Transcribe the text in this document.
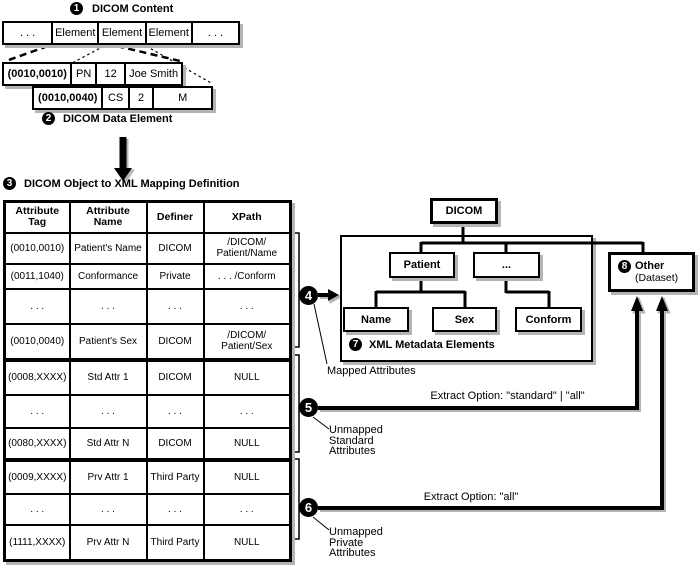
1	DICOM Content
. . .	Element Element Element	. . .
(0010,0010) PN	12	Joe Smith
(0010,0040) CS	2	M
2	DICOM Data Element
3	DICOM Object to XML Mapping Definition
Attribute Tag	Attribute Name	Definer	XPath
(0010,0010)	Patient's Name	DICOM	/DICOM/ Patient/Name
(0011,1040)	Conformance	Private	. . . /Conform
. . .	. . .	. . .	. . .
(0010,0040)	Patient's Sex	DICOM	/DICOM/ Patient/Sex
(0008,XXXX)	Std Attr 1	DICOM	NULL
. . .	. . .	. . .	. . .
(0080,XXXX)	Std Attr N	DICOM	NULL
(0009,XXXX)	Prv Attr 1	Third Party	NULL
. . .	. . .	. . .	. . .
(1111,XXXX)	Prv Attr N	Third Party	NULL
DICOM
Patient	...
Name	Sex	Conform
7 XML Metadata Elements
8 Other
(Dataset)
4
Mapped Attributes
5
Extract Option: "standard" | "all"
Unmapped Standard Attributes
6
Extract Option: "all"
Unmapped Private Attributes
